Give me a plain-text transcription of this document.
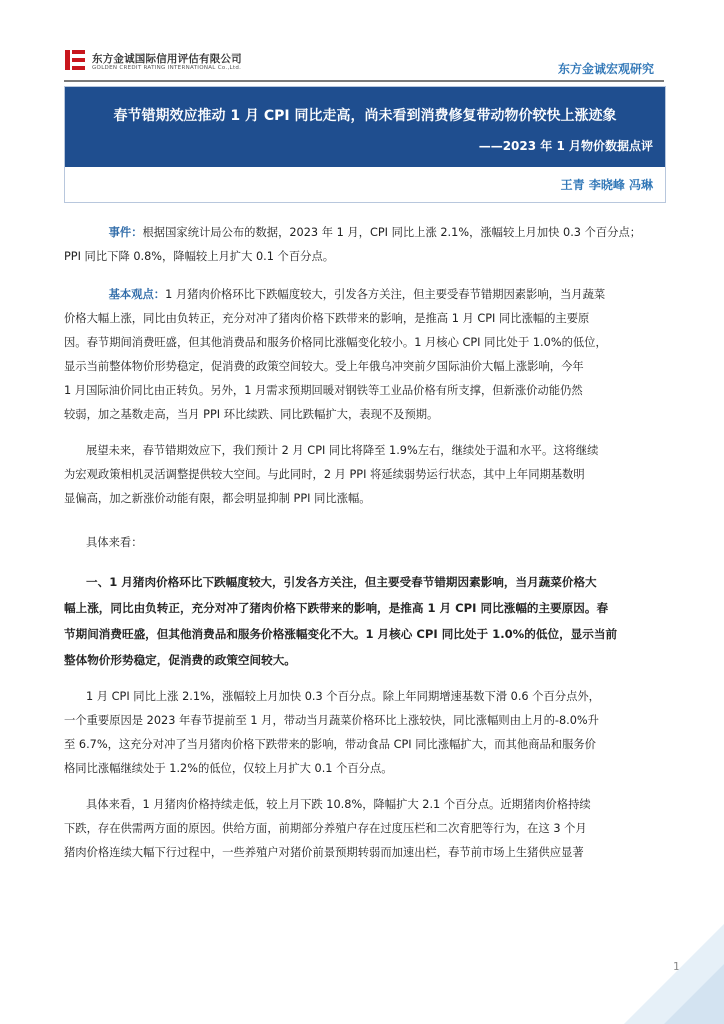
东方金诚国际信用评估有限公司
GOLDEN CREDIT RATING INTERNATIONAL Co.,Ltd.	东方金诚宏观研究
春节错期效应推动 1 月 CPI 同比走高，尚未看到消费修复带动物价较快上涨迹象
——2023 年 1 月物价数据点评
王青 李晓峰 冯琳
事件：根据国家统计局公布的数据，2023 年 1 月，CPI 同比上涨 2.1%，涨幅较上月加快 0.3 个百分点；
PPI 同比下降 0.8%，降幅较上月扩大 0.1 个百分点。
基本观点：1 月猪肉价格环比下跌幅度较大，引发各方关注，但主要受春节错期因素影响，当月蔬菜
价格大幅上涨，同比由负转正，充分对冲了猪肉价格下跌带来的影响，是推高 1 月 CPI 同比涨幅的主要原
因。春节期间消费旺盛，但其他消费品和服务价格同比涨幅变化较小。1 月核心 CPI 同比处于 1.0%的低位，
显示当前整体物价形势稳定，促消费的政策空间较大。受上年俄乌冲突前夕国际油价大幅上涨影响，今年
1 月国际油价同比由正转负。另外，1 月需求预期回暖对钢铁等工业品价格有所支撑，但新涨价动能仍然
较弱，加之基数走高，当月 PPI 环比续跌、同比跌幅扩大，表现不及预期。
展望未来，春节错期效应下，我们预计 2 月 CPI 同比将降至 1.9%左右，继续处于温和水平。这将继续
为宏观政策相机灵活调整提供较大空间。与此同时，2 月 PPI 将延续弱势运行状态，其中上年同期基数明
显偏高，加之新涨价动能有限，都会明显抑制 PPI 同比涨幅。
具体来看：
一、1 月猪肉价格环比下跌幅度较大，引发各方关注，但主要受春节错期因素影响，当月蔬菜价格大
幅上涨，同比由负转正，充分对冲了猪肉价格下跌带来的影响，是推高 1 月 CPI 同比涨幅的主要原因。春
节期间消费旺盛，但其他消费品和服务价格涨幅变化不大。1 月核心 CPI 同比处于 1.0%的低位，显示当前
整体物价形势稳定，促消费的政策空间较大。
1 月 CPI 同比上涨 2.1%，涨幅较上月加快 0.3 个百分点。除上年同期增速基数下滑 0.6 个百分点外，
一个重要原因是 2023 年春节提前至 1 月，带动当月蔬菜价格环比上涨较快，同比涨幅则由上月的-8.0%升
至 6.7%，这充分对冲了当月猪肉价格下跌带来的影响，带动食品 CPI 同比涨幅扩大，而其他商品和服务价
格同比涨幅继续处于 1.2%的低位，仅较上月扩大 0.1 个百分点。
具体来看，1 月猪肉价格持续走低，较上月下跌 10.8%，降幅扩大 2.1 个百分点。近期猪肉价格持续
下跌，存在供需两方面的原因。供给方面，前期部分养殖户存在过度压栏和二次育肥等行为，在这 3 个月
猪肉价格连续大幅下行过程中，一些养殖户对猪价前景预期转弱而加速出栏，春节前市场上生猪供应显著
1
